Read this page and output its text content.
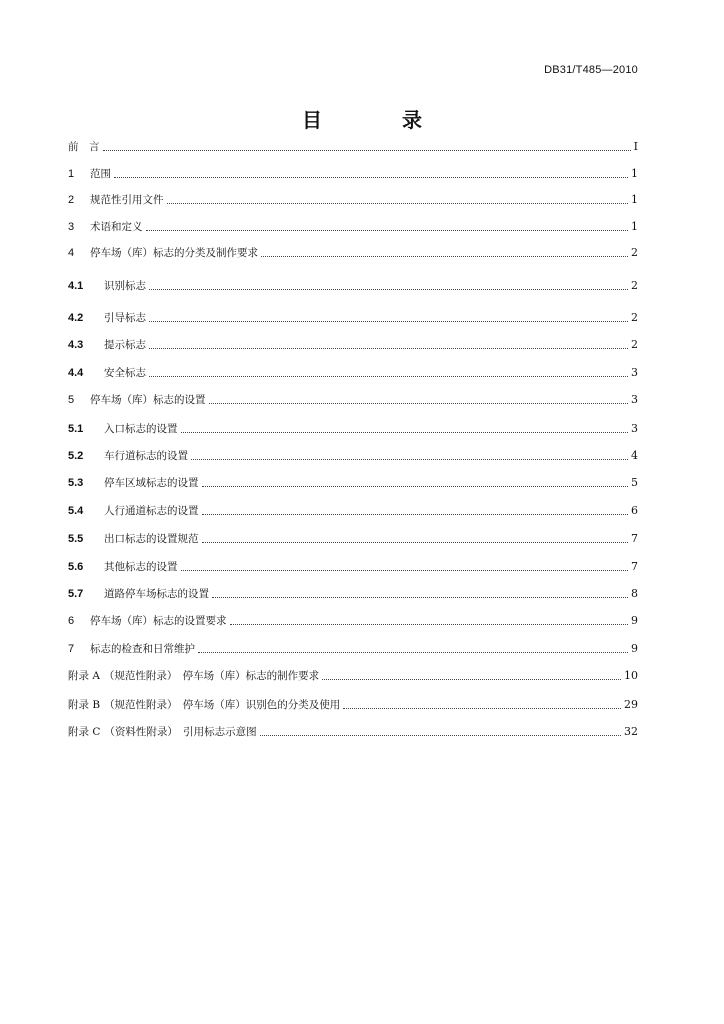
DB31/T485—2010
目　录
前　言	I
1	范围	1
2	规范性引用文件	1
3	术语和定义	1
4	停车场（库）标志的分类及制作要求	2
4.1	识别标志	2
4.2	引导标志	2
4.3	提示标志	2
4.4	安全标志	3
5	停车场（库）标志的设置	3
5.1	入口标志的设置	3
5.2	车行道标志的设置	4
5.3	停车区域标志的设置	5
5.4	人行通道标志的设置	6
5.5	出口标志的设置规范	7
5.6	其他标志的设置	7
5.7	道路停车场标志的设置	8
6	停车场（库）标志的设置要求	9
7	标志的检查和日常维护	9
附录 A （规范性附录）　停车场（库）标志的制作要求	10
附录 B （规范性附录）　停车场（库）识别色的分类及使用	29
附录 C （资料性附录）　引用标志示意图	32
